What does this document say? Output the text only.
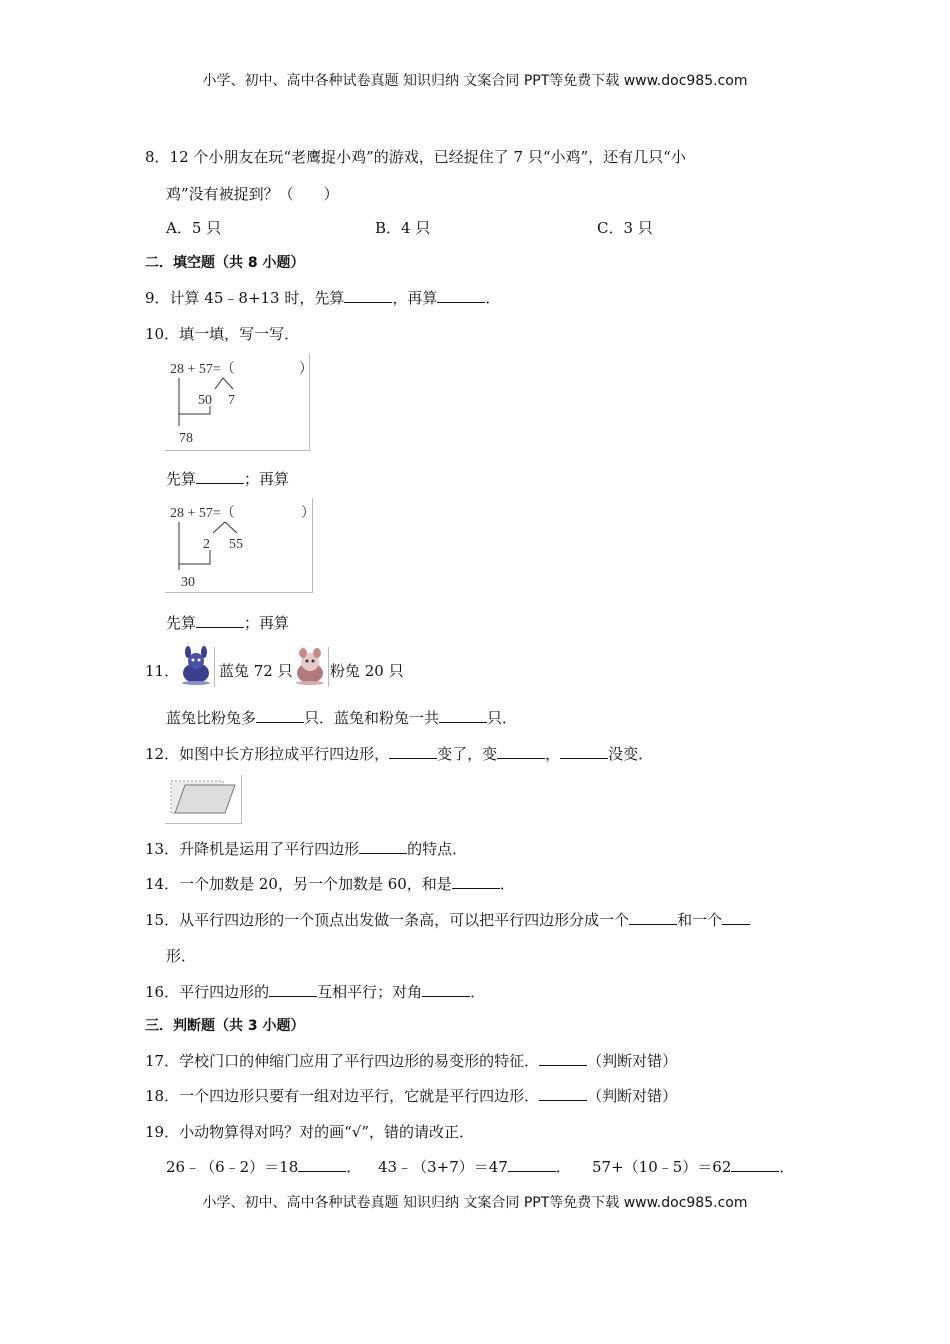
小学、初中、高中各种试卷真题 知识归纳 文案合同 PPT等免费下载 www.doc985.com
8．12 个小朋友在玩“老鹰捉小鸡”的游戏，已经捉住了 7 只“小鸡”，还有几只“小
鸡”没有被捉到？（　　）
A．5 只	B．4 只	C．3 只
二．填空题（共 8 小题）
9．计算 45﹣8+13 时，先算	，再算	．
10．填一填，写一写．
28 + 57=（	）
50 7
78
先算	；再算
28 + 57=（	）
2 55
30
先算	；再算
11．	蓝兔 72 只 粉兔 20 只
蓝兔比粉兔多	只．蓝兔和粉兔一共	只．
12．如图中长方形拉成平行四边形，	变了，变	，	没变．
13．升降机是运用了平行四边形	的特点．
14．一个加数是 20，另一个加数是 60，和是	．
15．从平行四边形的一个顶点出发做一条高，可以把平行四边形分成一个	和一个
形．
16．平行四边形的	互相平行；对角	．
三．判断题（共 3 小题）
17．学校门口的伸缩门应用了平行四边形的易变形的特征．	（判断对错）
18．一个四边形只要有一组对边平行，它就是平行四边形．	（判断对错）
19．小动物算得对吗？对的画“√”，错的请改正．
26﹣（6﹣2）＝18	． 43﹣（3+7）＝47	． 57+（10﹣5）＝62	．
小学、初中、高中各种试卷真题 知识归纳 文案合同 PPT等免费下载 www.doc985.com
